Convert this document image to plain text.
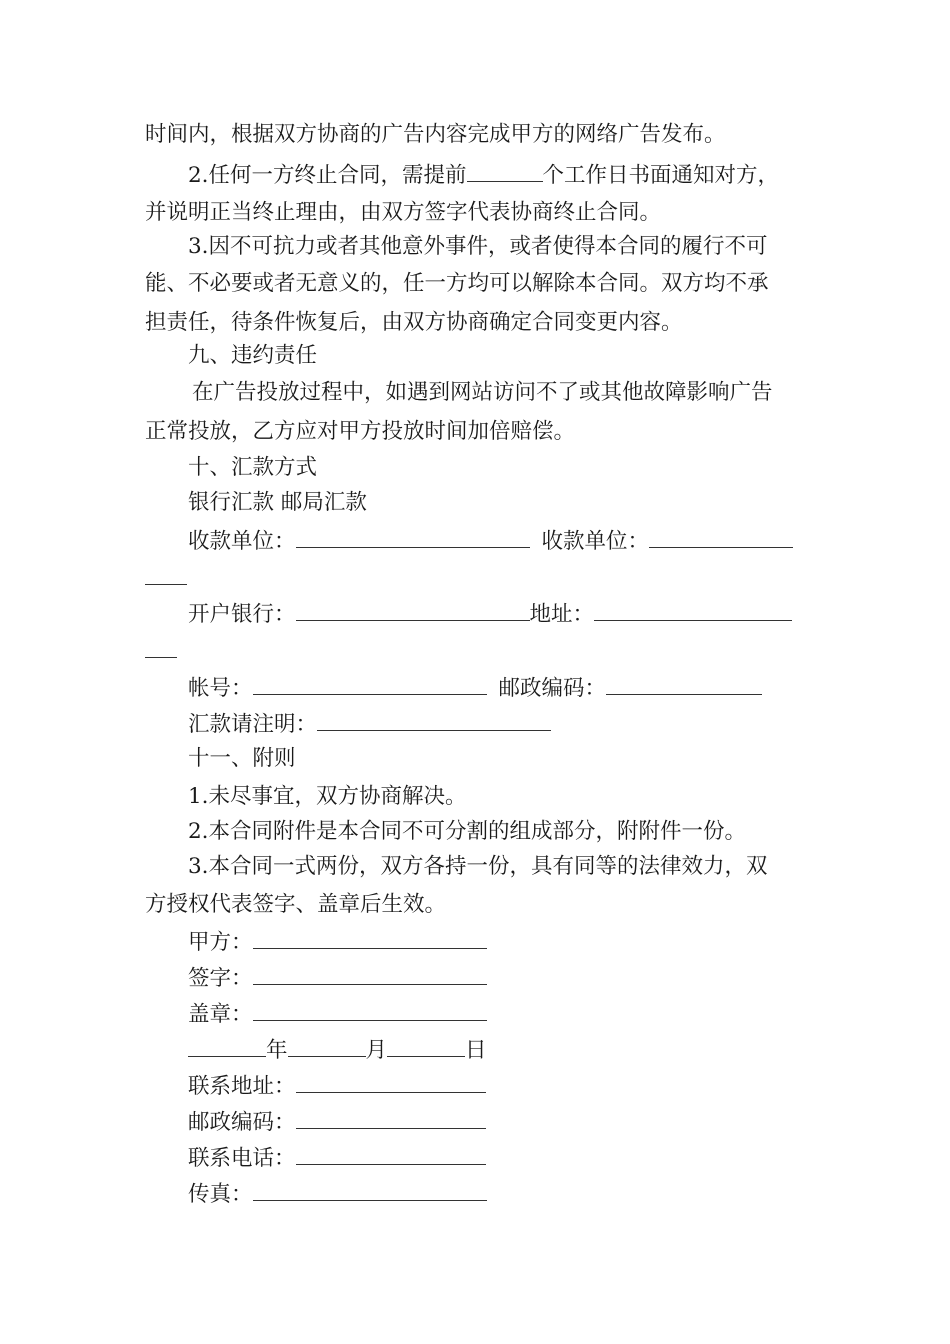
时间内，根据双方协商的广告内容完成甲方的网络广告发布。

2.任何一方终止合同，需提前	个工作日书面通知对方，

并说明正当终止理由，由双方签字代表协商终止合同。

3.因不可抗力或者其他意外事件，或者使得本合同的履行不可

能、不必要或者无意义的，任一方均可以解除本合同。双方均不承

担责任，待条件恢复后，由双方协商确定合同变更内容。

九、违约责任

在广告投放过程中，如遇到网站访问不了或其他故障影响广告

正常投放，乙方应对甲方投放时间加倍赔偿。

十、汇款方式

银行汇款 邮局汇款

收款单位：	收款单位：

开户银行：	地址：

帐号：	邮政编码：

汇款请注明：

十一、附则

1.未尽事宜，双方协商解决。

2.本合同附件是本合同不可分割的组成部分，附附件一份。

3.本合同一式两份，双方各持一份，具有同等的法律效力，双

方授权代表签字、盖章后生效。

甲方：

签字：

盖章：

年	月	日

联系地址：

邮政编码：

联系电话：

传真：
